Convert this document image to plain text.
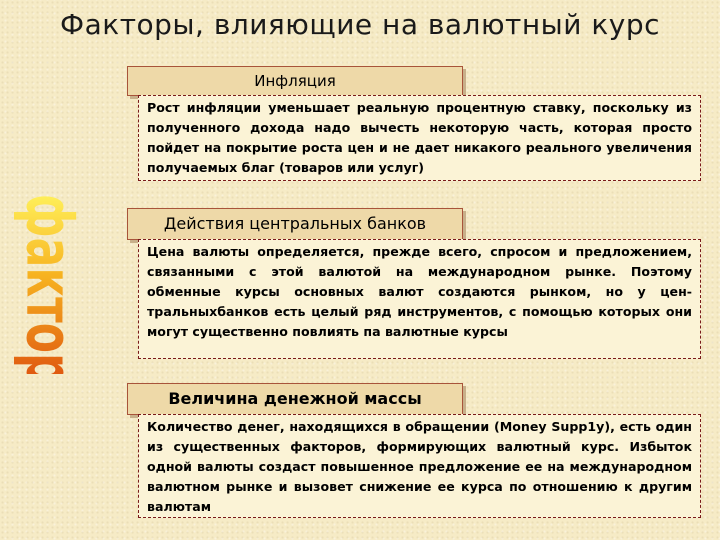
Факторы, влияющие на валютный курс
факторы
Инфляция
Рост инфляции уменьшает реальную процентную ставку, поскольку из полученного дохода надо вычесть некоторую часть, которая просто пойдет на покрытие роста цен и не дает никакого реального увеличения получаемых благ (товаров или услуг)
Действия центральных банков
Цена валюты определяется, прежде всего, спросом и предложением, связанными с этой валютой на международном рынке. Поэтому обменные курсы основных валют создаются рынком, но у цен-тральныхбанков есть целый ряд инструментов, с помощью которых они могут существенно повлиять па валютные курсы
Величина денежной массы
Количество денег, находящихся в обращении (Money Supp1y), есть один из существенных факторов, формирующих валютный курс. Избыток одной валюты создаст повышенное предложение ее на международном валютном рынке и вызовет снижение ее курса по отношению к другим валютам
